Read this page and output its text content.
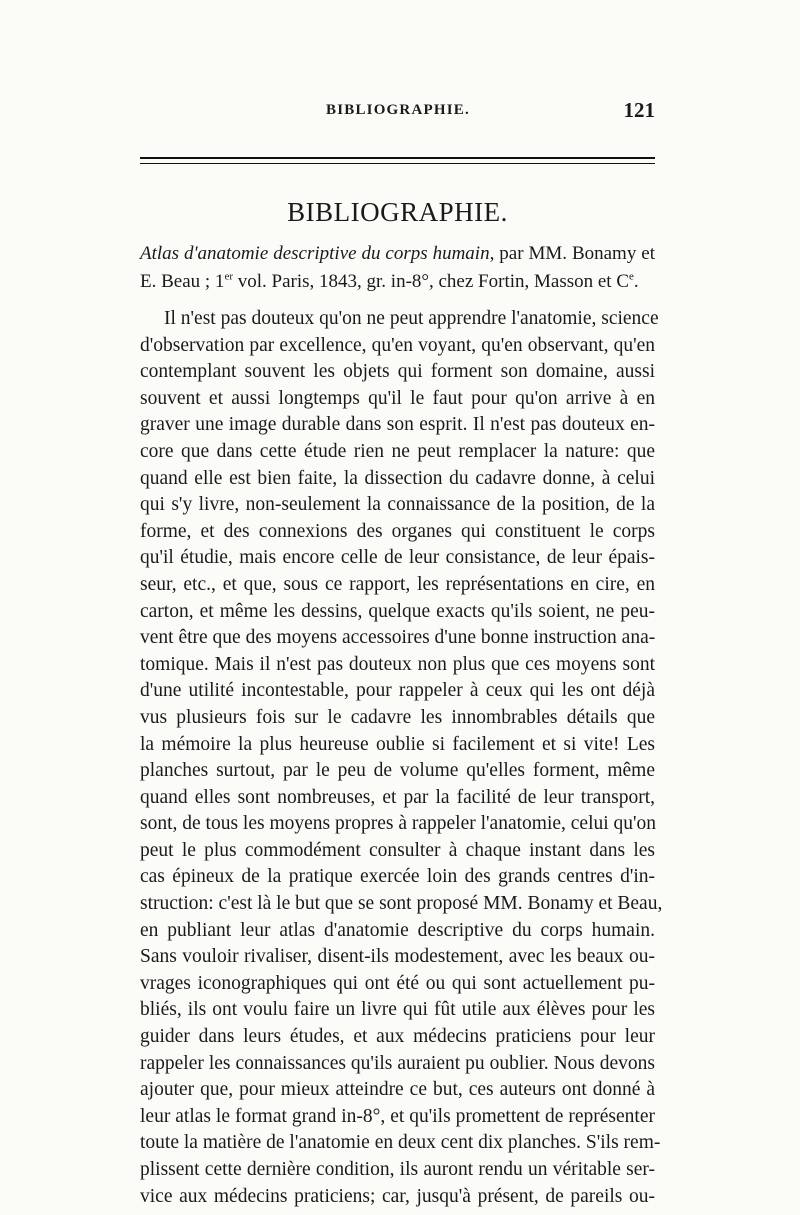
BIBLIOGRAPHIE.	121
BIBLIOGRAPHIE.

Atlas d'anatomie descriptive du corps humain, par MM. Bonamy et E. Beau ; 1er vol. Paris, 1843, gr. in-8°, chez Fortin, Masson et Ce.

Il n'est pas douteux qu'on ne peut apprendre l'anatomie, science
d'observation par excellence, qu'en voyant, qu'en observant, qu'en
contemplant souvent les objets qui forment son domaine, aussi
souvent et aussi longtemps qu'il le faut pour qu'on arrive à en
graver une image durable dans son esprit. Il n'est pas douteux en-
core que dans cette étude rien ne peut remplacer la nature: que
quand elle est bien faite, la dissection du cadavre donne, à celui
qui s'y livre, non-seulement la connaissance de la position, de la
forme, et des connexions des organes qui constituent le corps
qu'il étudie, mais encore celle de leur consistance, de leur épais-
seur, etc., et que, sous ce rapport, les représentations en cire, en
carton, et même les dessins, quelque exacts qu'ils soient, ne peu-
vent être que des moyens accessoires d'une bonne instruction ana-
tomique. Mais il n'est pas douteux non plus que ces moyens sont
d'une utilité incontestable, pour rappeler à ceux qui les ont déjà
vus plusieurs fois sur le cadavre les innombrables détails que
la mémoire la plus heureuse oublie si facilement et si vite! Les
planches surtout, par le peu de volume qu'elles forment, même
quand elles sont nombreuses, et par la facilité de leur transport,
sont, de tous les moyens propres à rappeler l'anatomie, celui qu'on
peut le plus commodément consulter à chaque instant dans les
cas épineux de la pratique exercée loin des grands centres d'in-
struction: c'est là le but que se sont proposé MM. Bonamy et Beau,
en publiant leur atlas d'anatomie descriptive du corps humain.
Sans vouloir rivaliser, disent-ils modestement, avec les beaux ou-
vrages iconographiques qui ont été ou qui sont actuellement pu-
bliés, ils ont voulu faire un livre qui fût utile aux élèves pour les
guider dans leurs études, et aux médecins praticiens pour leur
rappeler les connaissances qu'ils auraient pu oublier. Nous devons
ajouter que, pour mieux atteindre ce but, ces auteurs ont donné à
leur atlas le format grand in-8°, et qu'ils promettent de représenter
toute la matière de l'anatomie en deux cent dix planches. S'ils rem-
plissent cette dernière condition, ils auront rendu un véritable ser-
vice aux médecins praticiens; car, jusqu'à présent, de pareils ou-
